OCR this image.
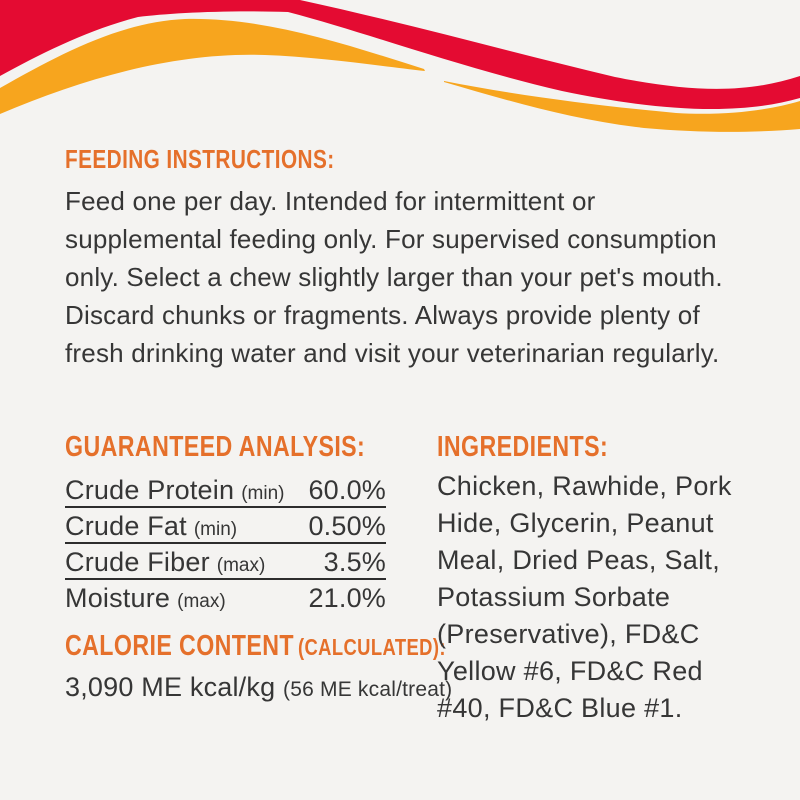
FEEDING INSTRUCTIONS:
Feed one per day. Intended for intermittent or
supplemental feeding only. For supervised consumption
only. Select a chew slightly larger than your pet's mouth.
Discard chunks or fragments. Always provide plenty of
fresh drinking water and visit your veterinarian regularly.
GUARANTEED ANALYSIS:
Crude Protein (min) 60.0%
Crude Fat (min)	0.50%
Crude Fiber (max) 3.5%
Moisture (max)	21.0%
CALORIE CONTENT (CALCULATED):
3,090 ME kcal/kg (56 ME kcal/treat)
INGREDIENTS:
Chicken, Rawhide, Pork
Hide, Glycerin, Peanut
Meal, Dried Peas, Salt,
Potassium Sorbate
(Preservative), FD&C
Yellow #6, FD&C Red
#40, FD&C Blue #1.
